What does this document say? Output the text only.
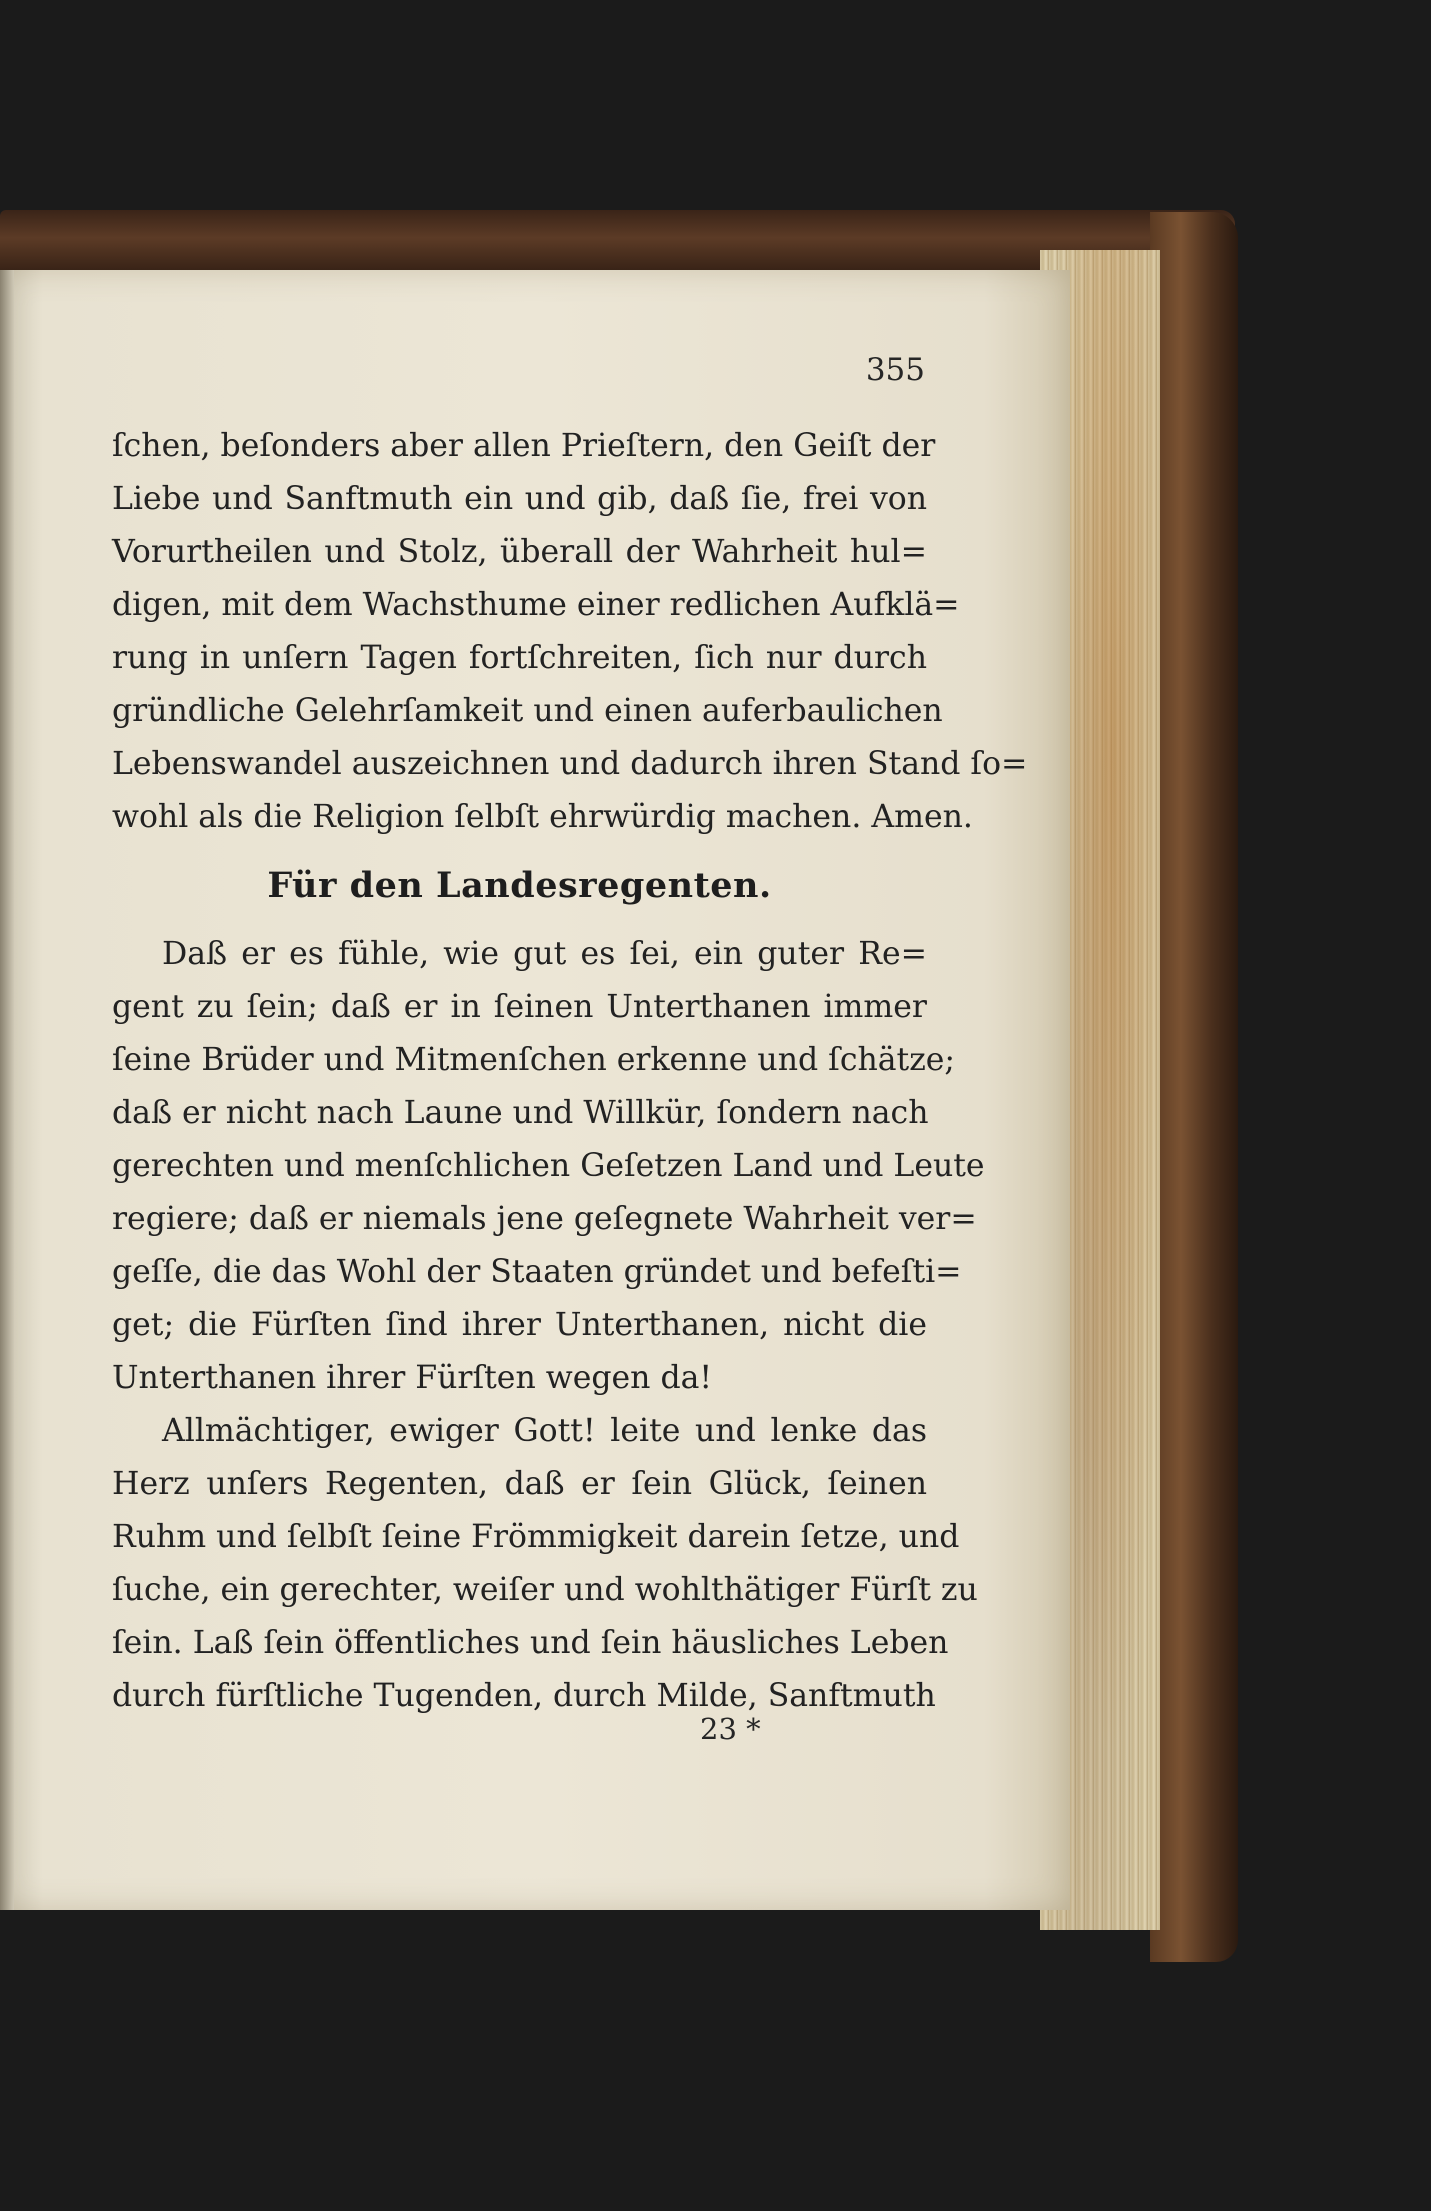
355
ſchen, beſonders aber allen Prieſtern, den Geiſt der
Liebe und Sanftmuth ein und gib, daß ſie, frei von
Vorurtheilen und Stolz, überall der Wahrheit hul=
digen, mit dem Wachsthume einer redlichen Aufklä=
rung in unſern Tagen fortſchreiten, ſich nur durch
gründliche Gelehrſamkeit und einen auferbaulichen
Lebenswandel auszeichnen und dadurch ihren Stand ſo=
wohl als die Religion ſelbſt ehrwürdig machen. Amen.
Für den Landesregenten.
Daß er es fühle, wie gut es ſei, ein guter Re=
gent zu ſein; daß er in ſeinen Unterthanen immer
ſeine Brüder und Mitmenſchen erkenne und ſchätze;
daß er nicht nach Laune und Willkür, ſondern nach
gerechten und menſchlichen Geſetzen Land und Leute
regiere; daß er niemals jene geſegnete Wahrheit ver=
geſſe, die das Wohl der Staaten gründet und befeſti=
get; die Fürſten ſind ihrer Unterthanen, nicht die
Unterthanen ihrer Fürſten wegen da!
Allmächtiger, ewiger Gott! leite und lenke das
Herz unſers Regenten, daß er ſein Glück, ſeinen
Ruhm und ſelbſt ſeine Frömmigkeit darein ſetze, und
ſuche, ein gerechter, weiſer und wohlthätiger Fürſt zu
ſein. Laß ſein öffentliches und ſein häusliches Leben
durch fürſtliche Tugenden, durch Milde, Sanftmuth
23 *
